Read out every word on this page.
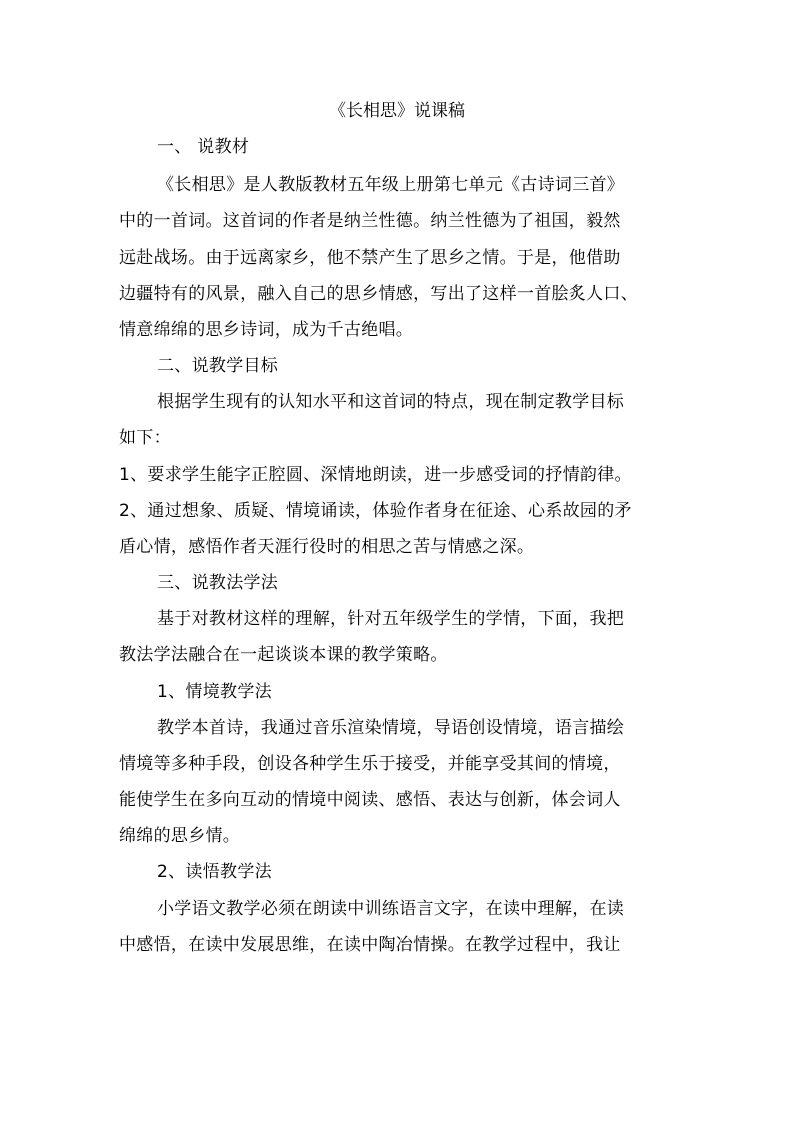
《长相思》说课稿
一、 说教材
《长相思》是人教版教材五年级上册第七单元《古诗词三首》
中的一首词。这首词的作者是纳兰性德。纳兰性德为了祖国，毅然
远赴战场。由于远离家乡，他不禁产生了思乡之情。于是，他借助
边疆特有的风景，融入自己的思乡情感，写出了这样一首脍炙人口、
情意绵绵的思乡诗词，成为千古绝唱。
二、说教学目标
根据学生现有的认知水平和这首词的特点，现在制定教学目标
如下：
1、要求学生能字正腔圆、深情地朗读，进一步感受词的抒情韵律。
2、通过想象、质疑、情境诵读，体验作者身在征途、心系故园的矛
盾心情，感悟作者天涯行役时的相思之苦与情感之深。
三、说教法学法
基于对教材这样的理解，针对五年级学生的学情，下面，我把
教法学法融合在一起谈谈本课的教学策略。
1、情境教学法
教学本首诗，我通过音乐渲染情境，导语创设情境，语言描绘
情境等多种手段，创设各种学生乐于接受，并能享受其间的情境，
能使学生在多向互动的情境中阅读、感悟、表达与创新，体会词人
绵绵的思乡情。
2、读悟教学法
小学语文教学必须在朗读中训练语言文字，在读中理解，在读
中感悟，在读中发展思维，在读中陶冶情操。在教学过程中，我让
